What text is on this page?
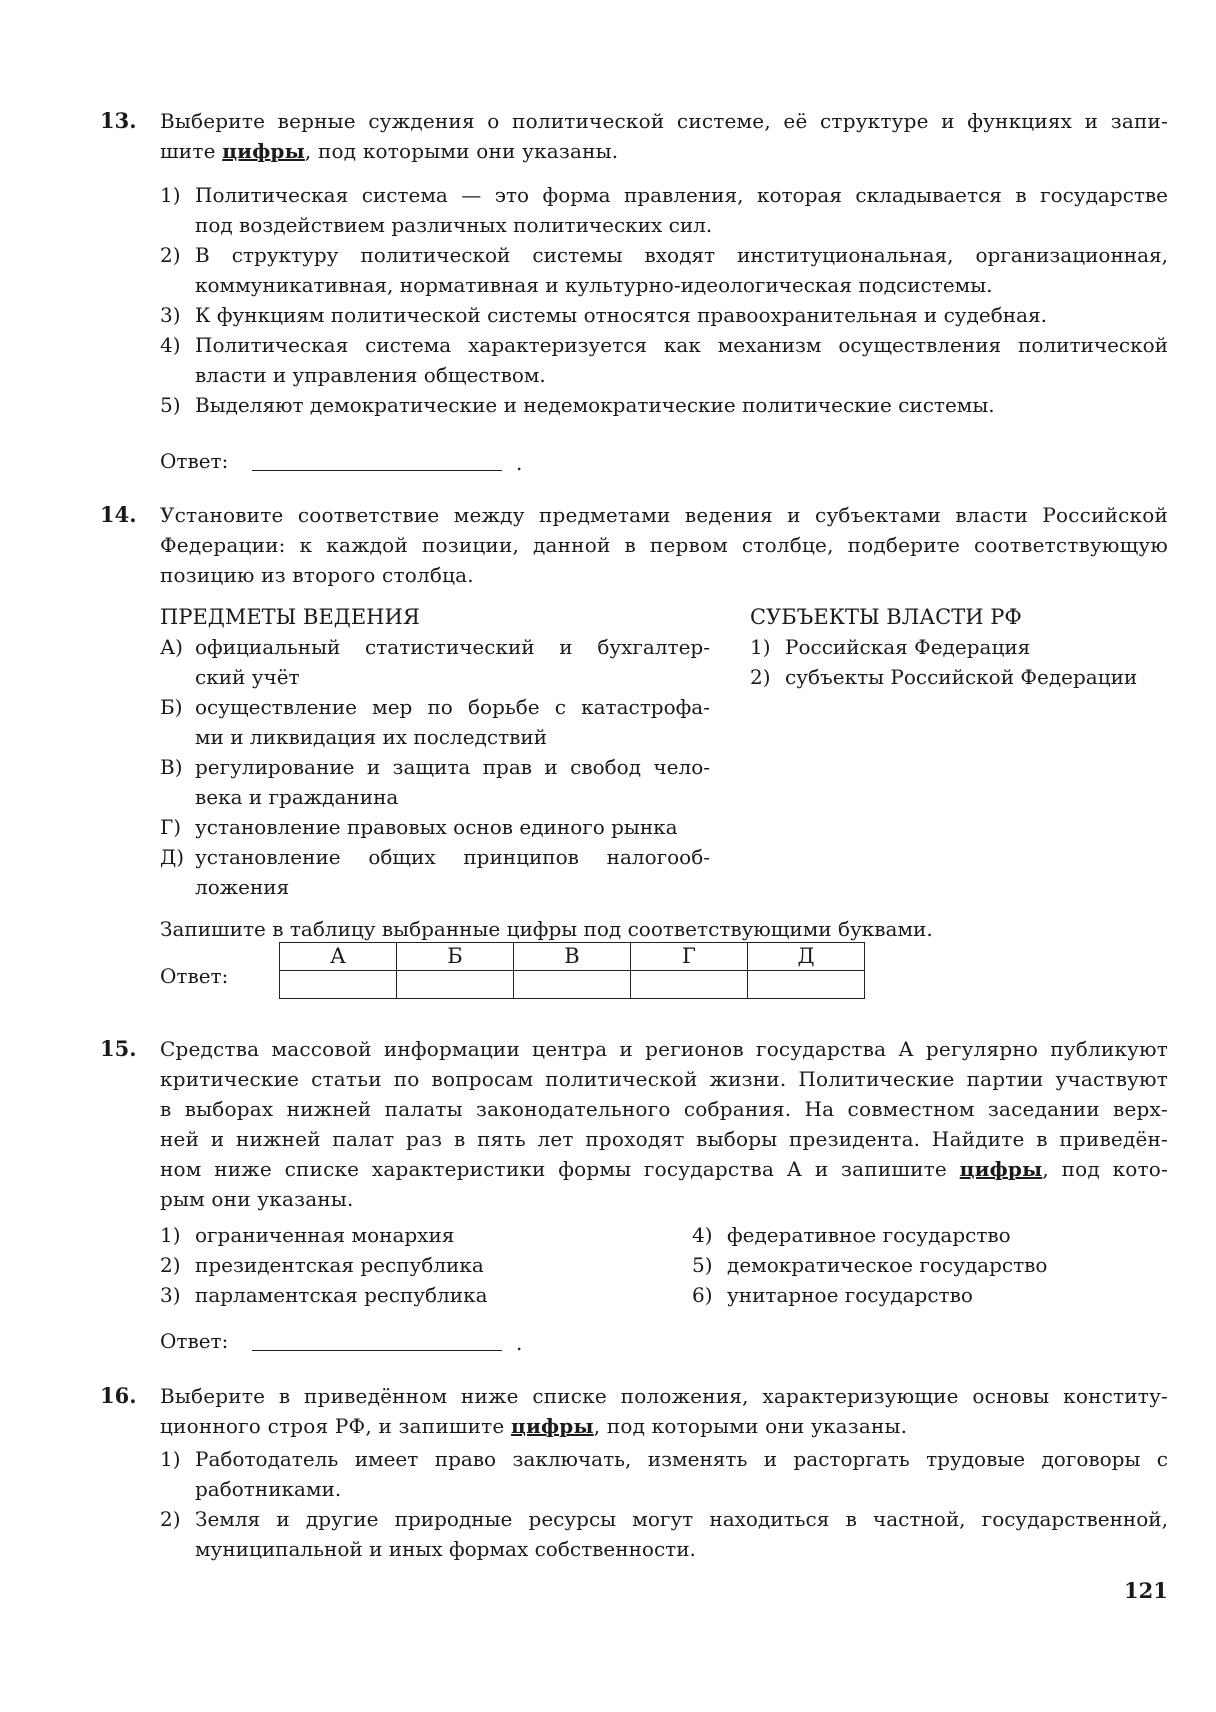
13. Выберите верные суждения о политической системе, её структуре и функциях и запи-
шите цифры, под которыми они указаны.
1) Политическая система — это форма правления, которая складывается в государстве
под воздействием различных политических сил.
2) В структуру политической системы входят институциональная, организационная,
коммуникативная, нормативная и культурно-идеологическая подсистемы.
3) К функциям политической системы относятся правоохранительная и судебная.
4) Политическая система характеризуется как механизм осуществления политической
власти и управления обществом.
5) Выделяют демократические и недемократические политические системы.
Ответ:	.
14. Установите соответствие между предметами ведения и субъектами власти Российской
Федерации: к каждой позиции, данной в первом столбце, подберите соответствующую
позицию из второго столбца.
ПРЕДМЕТЫ ВЕДЕНИЯ	СУБЪЕКТЫ ВЛАСТИ РФ
А) официальный статистический и бухгалтер-
ский учёт
Б) осуществление мер по борьбе с катастрофа-
ми и ликвидация их последствий
В) регулирование и защита прав и свобод чело-
века и гражданина
Г) установление правовых основ единого рынка
Д) установление общих принципов налогооб-
ложения
1) Российская Федерация
2) субъекты Российской Федерации
Запишите в таблицу выбранные цифры под соответствующими буквами.
Ответ:
А	Б	В	Г	Д

15. Средства массовой информации центра и регионов государства А регулярно публикуют
критические статьи по вопросам политической жизни. Политические партии участвуют
в выборах нижней палаты законодательного собрания. На совместном заседании верх-
ней и нижней палат раз в пять лет проходят выборы президента. Найдите в приведён-
ном ниже списке характеристики формы государства А и запишите цифры, под кото-
рым они указаны.
1) ограниченная монархия
2) президентская республика
3) парламентская республика
4) федеративное государство
5) демократическое государство
6) унитарное государство
Ответ:	.
16. Выберите в приведённом ниже списке положения, характеризующие основы конститу-
ционного строя РФ, и запишите цифры, под которыми они указаны.
1) Работодатель имеет право заключать, изменять и расторгать трудовые договоры с
работниками.
2) Земля и другие природные ресурсы могут находиться в частной, государственной,
муниципальной и иных формах собственности.
121
